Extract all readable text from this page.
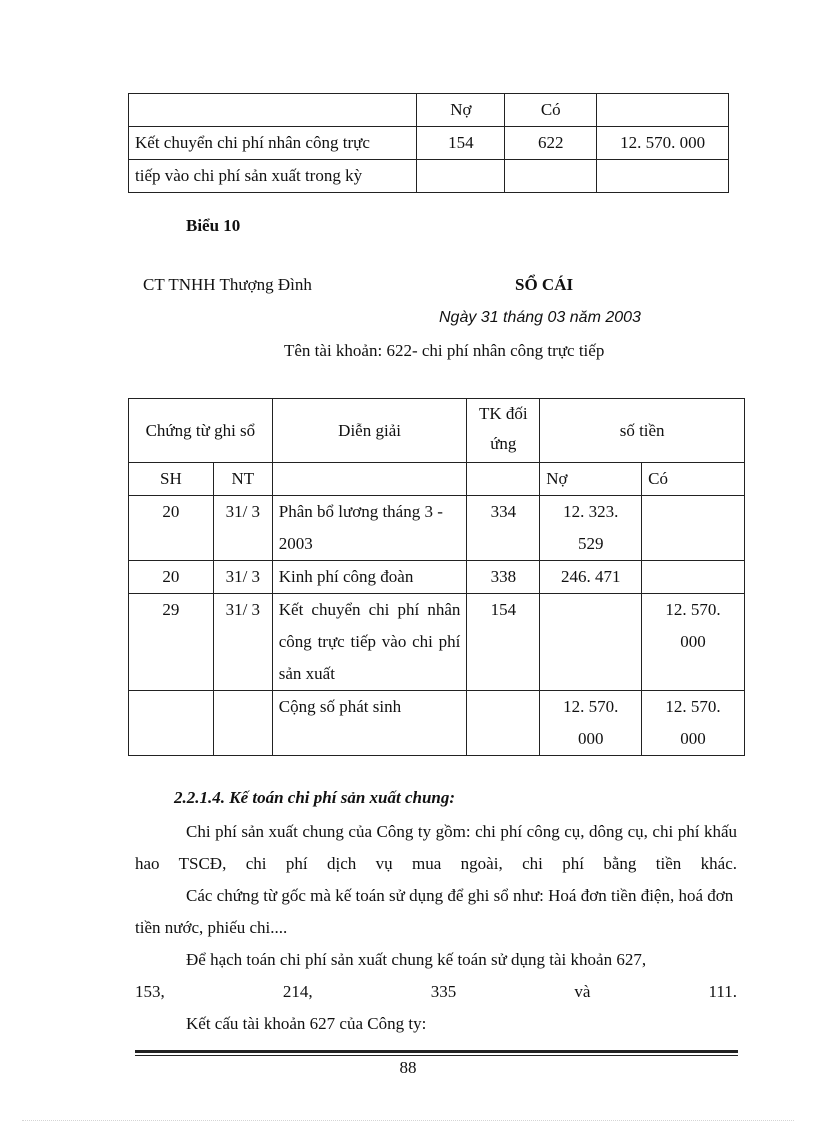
	Nợ	Có	
Kết chuyển chi phí nhân công trực	154	622	12. 570. 000
tiếp vào chi phí sản xuất trong kỳ			
Biểu 10
CT TNHH Thượng Đình	SỔ CÁI
Ngày 31 tháng 03 năm 2003
Tên tài khoản: 622- chi phí nhân công trực tiếp
Chứng từ ghi sổ		Diễn giải	TK đối ứng	số tiền	
SH	NT			Nợ	Có
20	31/ 3	Phân bổ lương tháng 3 - 2003	334	12. 323. 529	
20	31/ 3	Kinh phí công đoàn	338	246. 471	
29	31/ 3	Kết chuyển chi phí nhân công trực tiếp vào chi phí sản xuất	154		12. 570. 000
		Cộng số phát sinh		12. 570. 000	12. 570. 000
2.2.1.4. Kế toán chi phí sản xuất chung:
Chi phí sản xuất chung của Công ty gồm: chi phí công cụ, dông cụ, chi phí khấu hao TSCĐ, chi phí dịch vụ mua ngoài, chi phí bằng tiền khác.
Các chứng từ gốc mà kế toán sử dụng để ghi sổ như: Hoá đơn tiền điện, hoá đơn tiền nước, phiếu chi....
Để hạch toán chi phí sản xuất chung kế toán sử dụng tài khoản 627,
153,	214,	335	và	111.
Kết cấu tài khoản 627 của Công ty:
88
